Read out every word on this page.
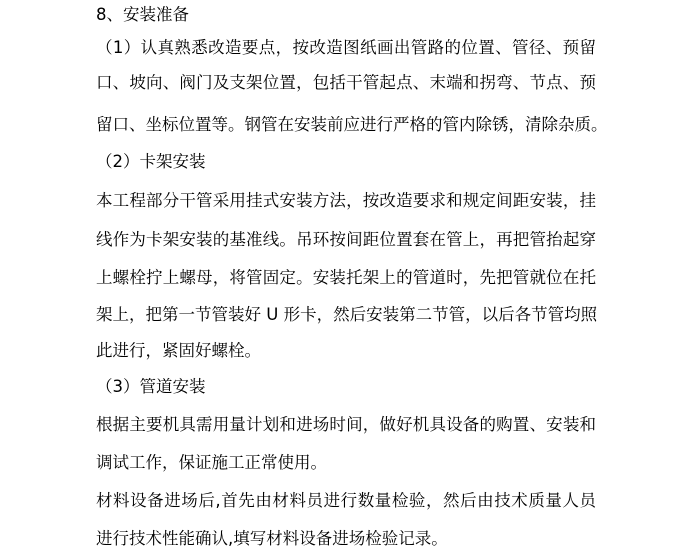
8、安装准备
（1）认真熟悉改造要点，按改造图纸画出管路的位置、管径、预留
口、坡向、阀门及支架位置，包括干管起点、末端和拐弯、节点、预
留口、坐标位置等。钢管在安装前应进行严格的管内除锈，清除杂质。
（2）卡架安装
本工程部分干管采用挂式安装方法，按改造要求和规定间距安装，挂
线作为卡架安装的基准线。吊环按间距位置套在管上，再把管抬起穿
上螺栓拧上螺母，将管固定。安装托架上的管道时，先把管就位在托
架上，把第一节管装好 U 形卡，然后安装第二节管，以后各节管均照
此进行，紧固好螺栓。
（3）管道安装
根据主要机具需用量计划和进场时间，做好机具设备的购置、安装和
调试工作，保证施工正常使用。
材料设备进场后,首先由材料员进行数量检验，然后由技术质量人员
进行技术性能确认,填写材料设备进场检验记录。
